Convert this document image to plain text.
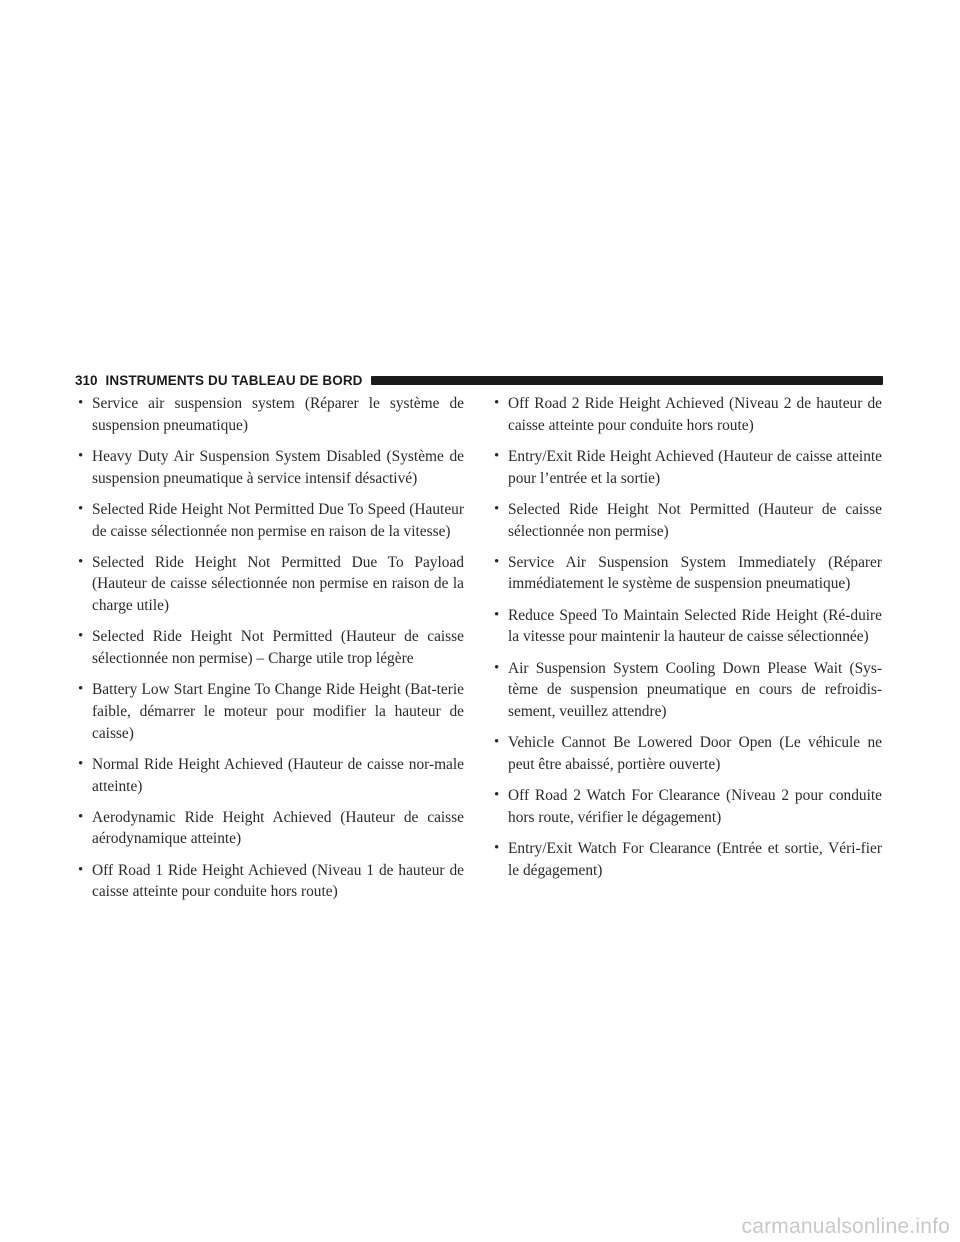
310 INSTRUMENTS DU TABLEAU DE BORD
• Service air suspension system (Réparer le système de suspension pneumatique)
• Heavy Duty Air Suspension System Disabled (Système de suspension pneumatique à service intensif désactivé)
• Selected Ride Height Not Permitted Due To Speed (Hauteur de caisse sélectionnée non permise en raison de la vitesse)
• Selected Ride Height Not Permitted Due To Payload (Hauteur de caisse sélectionnée non permise en raison de la charge utile)
• Selected Ride Height Not Permitted (Hauteur de caisse sélectionnée non permise) – Charge utile trop légère
• Battery Low Start Engine To Change Ride Height (Bat-terie faible, démarrer le moteur pour modifier la hauteur de caisse)
• Normal Ride Height Achieved (Hauteur de caisse nor-male atteinte)
• Aerodynamic Ride Height Achieved (Hauteur de caisse aérodynamique atteinte)
• Off Road 1 Ride Height Achieved (Niveau 1 de hauteur de caisse atteinte pour conduite hors route)
• Off Road 2 Ride Height Achieved (Niveau 2 de hauteur de caisse atteinte pour conduite hors route)
• Entry/Exit Ride Height Achieved (Hauteur de caisse atteinte pour l’entrée et la sortie)
• Selected Ride Height Not Permitted (Hauteur de caisse sélectionnée non permise)
• Service Air Suspension System Immediately (Réparer immédiatement le système de suspension pneumatique)
• Reduce Speed To Maintain Selected Ride Height (Ré-duire la vitesse pour maintenir la hauteur de caisse sélectionnée)
• Air Suspension System Cooling Down Please Wait (Sys-tème de suspension pneumatique en cours de refroidis-sement, veuillez attendre)
• Vehicle Cannot Be Lowered Door Open (Le véhicule ne peut être abaissé, portière ouverte)
• Off Road 2 Watch For Clearance (Niveau 2 pour conduite hors route, vérifier le dégagement)
• Entry/Exit Watch For Clearance (Entrée et sortie, Véri-fier le dégagement)
carmanualsonline.info
